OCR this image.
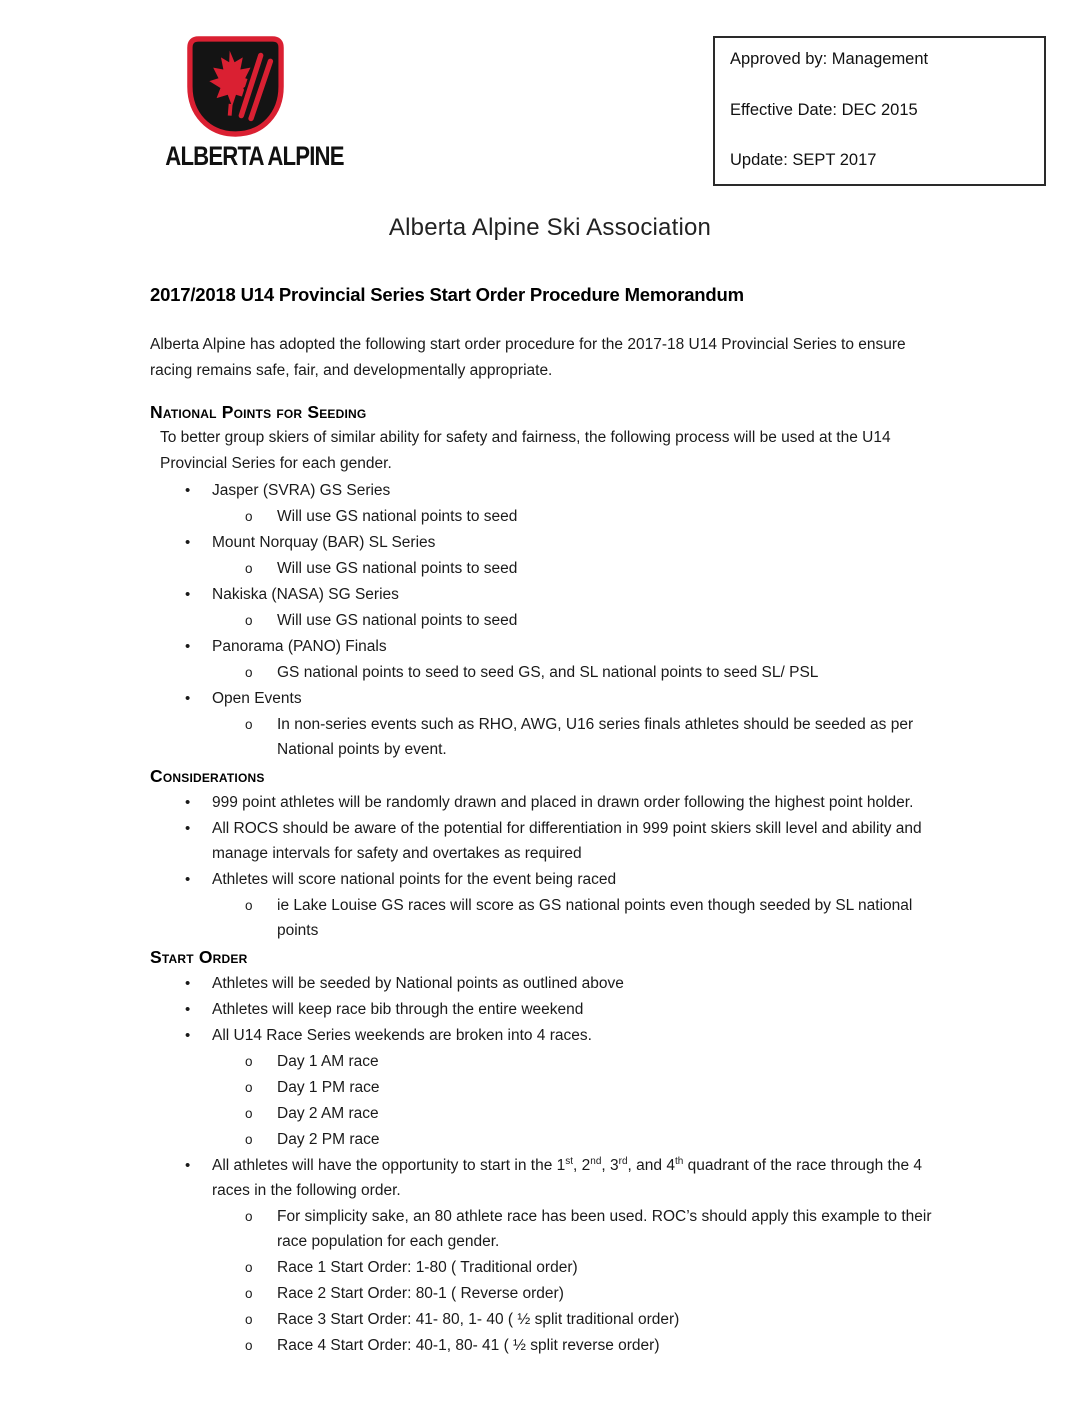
ALBERTA ALPINE
Approved by: Management
Effective Date: DEC 2015
Update: SEPT 2017
Alberta Alpine Ski Association
2017/2018 U14 Provincial Series Start Order Procedure Memorandum

Alberta Alpine has adopted the following start order procedure for the 2017-18 U14 Provincial Series to ensure racing remains safe, fair, and developmentally appropriate.

National Points for Seeding

To better group skiers of similar ability for safety and fairness, the following process will be used at the U14 Provincial Series for each gender.

• Jasper (SVRA) GS Series
o Will use GS national points to seed
• Mount Norquay (BAR) SL Series
o Will use GS national points to seed
• Nakiska (NASA) SG Series
o Will use GS national points to seed
• Panorama (PANO) Finals
o GS national points to seed to seed GS, and SL national points to seed SL/ PSL
• Open Events
o In non-series events such as RHO, AWG, U16 series finals athletes should be seeded as per National points by event.
Considerations
• 999 point athletes will be randomly drawn and placed in drawn order following the highest point holder.
• All ROCS should be aware of the potential for differentiation in 999 point skiers skill level and ability and manage intervals for safety and overtakes as required
• Athletes will score national points for the event being raced
o ie Lake Louise GS races will score as GS national points even though seeded by SL national points
Start Order
• Athletes will be seeded by National points as outlined above
• Athletes will keep race bib through the entire weekend
• All U14 Race Series weekends are broken into 4 races.
o Day 1 AM race
o Day 1 PM race
o Day 2 AM race
o Day 2 PM race
• All athletes will have the opportunity to start in the 1st, 2nd, 3rd, and 4th quadrant of the race through the 4 races in the following order.
o For simplicity sake, an 80 athlete race has been used. ROC’s should apply this example to their race population for each gender.
o Race 1 Start Order: 1-80 ( Traditional order)
o Race 2 Start Order: 80-1 ( Reverse order)
o Race 3 Start Order: 41- 80, 1- 40 ( ½ split traditional order)
o Race 4 Start Order: 40-1, 80- 41 ( ½ split reverse order)
